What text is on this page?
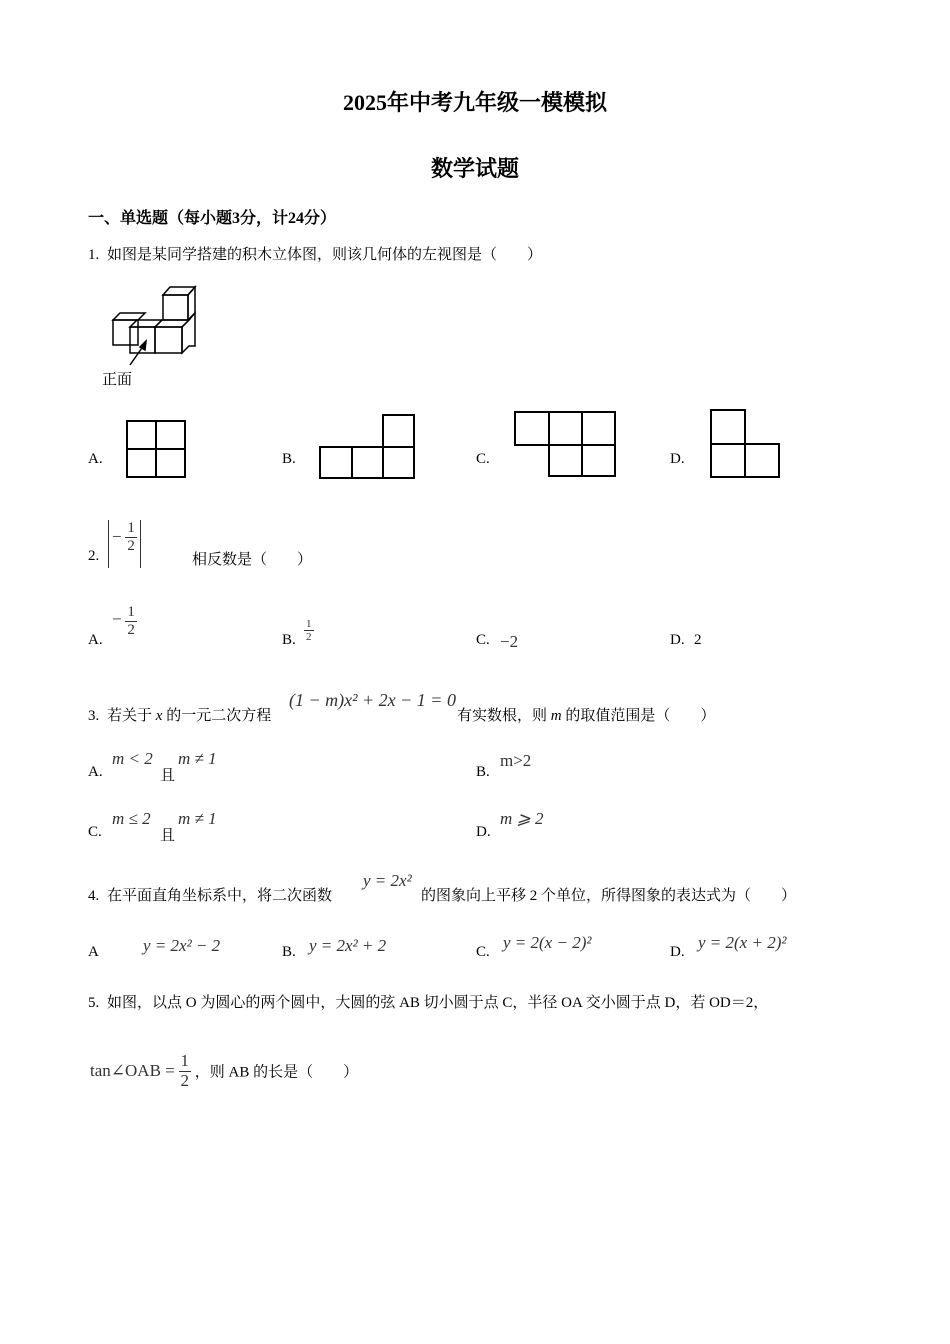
2025年中考九年级一模模拟
数学试题
一、单选题（每小题3分，计24分）
1. 如图是某同学搭建的积木立体图，则该几何体的左视图是（　　）
正面
A.	B.	C.	D.
2.
− $\frac{1}{2}$
相反数是（　　）
A.
− $\frac{1}{2}$
B. $\frac{1}{2}$	C. −2	D. 2
3. 若关于 x 的一元二次方程
(1 − m)x² + 2x − 1 = 0
有实数根，则 m 的取值范围是（　　）
A.
m < 2
且
m ≠ 1
B.
m>2
C.
m ≤ 2
且
m ≠ 1
D.
m ⩾ 2
4. 在平面直角坐标系中，将二次函数
y = 2x²
的图象向上平移 2 个单位，所得图象的表达式为（　　）
A	y = 2x² − 2	B. y = 2x² + 2	C. y = 2(x − 2)²	D. y = 2(x + 2)²
5. 如图，以点 O 为圆心的两个圆中，大圆的弦 AB 切小圆于点 C，半径 OA 交小圆于点 D，若 OD＝2，
tan∠OAB = $\frac{1}{2}$ ，则 AB 的长是（　　）
